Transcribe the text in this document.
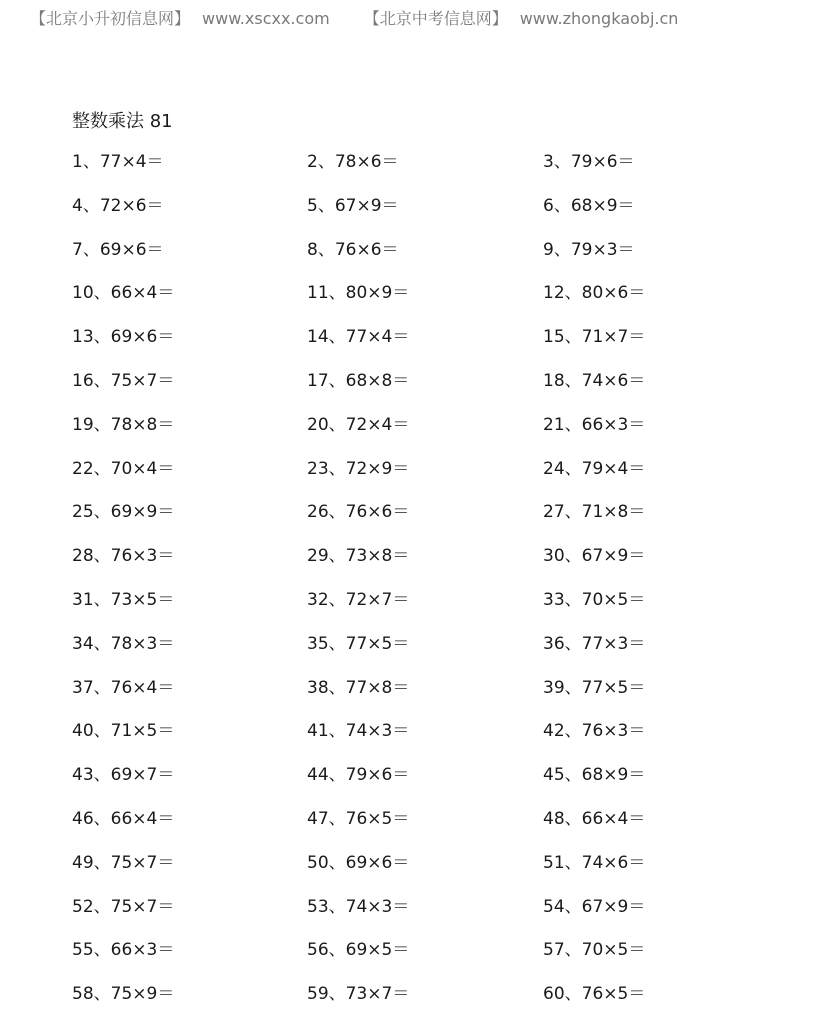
【北京小升初信息网】 www.xscxx.com 【北京中考信息网】 www.zhongkaobj.cn
整数乘法 81
1、77×4＝	2、78×6＝	3、79×6＝
4、72×6＝	5、67×9＝	6、68×9＝
7、69×6＝	8、76×6＝	9、79×3＝
10、66×4＝	11、80×9＝	12、80×6＝
13、69×6＝	14、77×4＝	15、71×7＝
16、75×7＝	17、68×8＝	18、74×6＝
19、78×8＝	20、72×4＝	21、66×3＝
22、70×4＝	23、72×9＝	24、79×4＝
25、69×9＝	26、76×6＝	27、71×8＝
28、76×3＝	29、73×8＝	30、67×9＝
31、73×5＝	32、72×7＝	33、70×5＝
34、78×3＝	35、77×5＝	36、77×3＝
37、76×4＝	38、77×8＝	39、77×5＝
40、71×5＝	41、74×3＝	42、76×3＝
43、69×7＝	44、79×6＝	45、68×9＝
46、66×4＝	47、76×5＝	48、66×4＝
49、75×7＝	50、69×6＝	51、74×6＝
52、75×7＝	53、74×3＝	54、67×9＝
55、66×3＝	56、69×5＝	57、70×5＝
58、75×9＝	59、73×7＝	60、76×5＝
